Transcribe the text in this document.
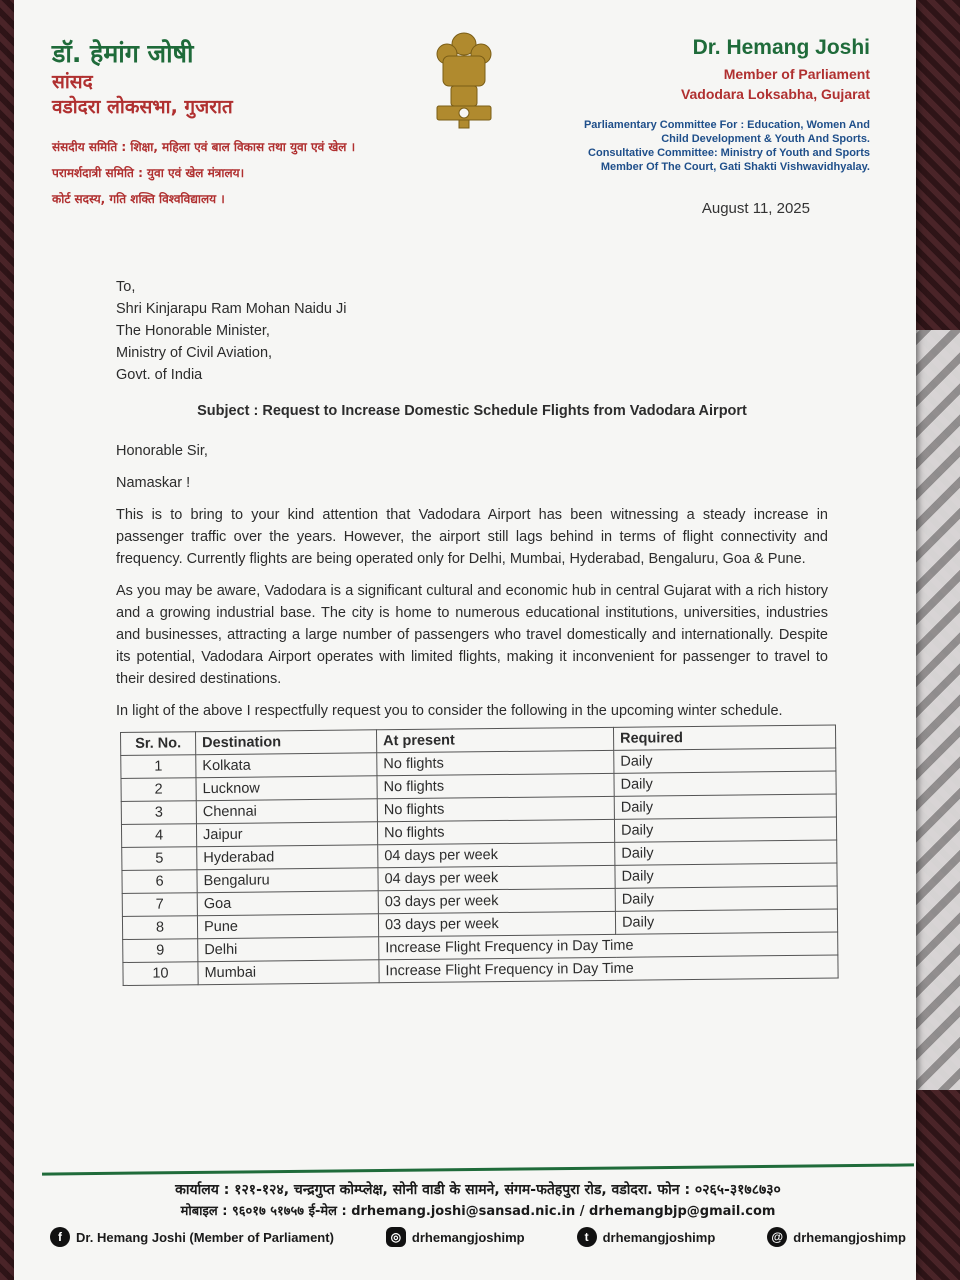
डॉ. हेमांग जोषी

सांसद

वडोदरा लोकसभा, गुजरात

संसदीय समिति : शिक्षा, महिला एवं बाल विकास तथा युवा एवं खेल ।

परामर्शदात्री समिति : युवा एवं खेल मंत्रालय।

कोर्ट सदस्य, गति शक्ति विश्वविद्यालय ।

Dr. Hemang Joshi

Member of Parliament

Vadodara Loksabha, Gujarat

Parliamentary Committee For : Education, Women And

Child Development & Youth And Sports.

Consultative Committee: Ministry of Youth and Sports

Member Of The Court, Gati Shakti Vishwavidhyalay.

August 11, 2025

To,

Shri Kinjarapu Ram Mohan Naidu Ji

The Honorable Minister,

Ministry of Civil Aviation,

Govt. of India

Subject : Request to Increase Domestic Schedule Flights from Vadodara Airport

Honorable Sir,

Namaskar !

This is to bring to your kind attention that Vadodara Airport has been witnessing a steady increase in passenger traffic over the years. However, the airport still lags behind in terms of flight connectivity and frequency. Currently flights are being operated only for Delhi, Mumbai, Hyderabad, Bengaluru, Goa & Pune.

As you may be aware, Vadodara is a significant cultural and economic hub in central Gujarat with a rich history and a growing industrial base. The city is home to numerous educational institutions, universities, industries and businesses, attracting a large number of passengers who travel domestically and internationally. Despite its potential, Vadodara Airport operates with limited flights, making it inconvenient for passenger to travel to their desired destinations.

In light of the above I respectfully request you to consider the following in the upcoming winter schedule.

Sr. No.	Destination	At present	Required
1	Kolkata	No flights	Daily
2	Lucknow	No flights	Daily
3	Chennai	No flights	Daily
4	Jaipur	No flights	Daily
5	Hyderabad	04 days per week	Daily
6	Bengaluru	04 days per week	Daily
7	Goa	03 days per week	Daily
8	Pune	03 days per week	Daily
9	Delhi	Increase Flight Frequency in Day Time	
10	Mumbai	Increase Flight Frequency in Day Time	

कार्यालय : १२१-१२४, चन्द्रगुप्त कोम्प्लेक्ष, सोनी वाडी के सामने, संगम-फतेहपुरा रोड, वडोदरा. फोन : ०२६५-३१७८७३०

मोबाइल : ९६०१७ ५१७५७ ई-मेल : drhemang.joshi@sansad.nic.in / drhemangbjp@gmail.com

f	Dr. Hemang Joshi (Member of Parliament)	◎ drhemangjoshimp	t	drhemangjoshimp	@ drhemangjoshimp
